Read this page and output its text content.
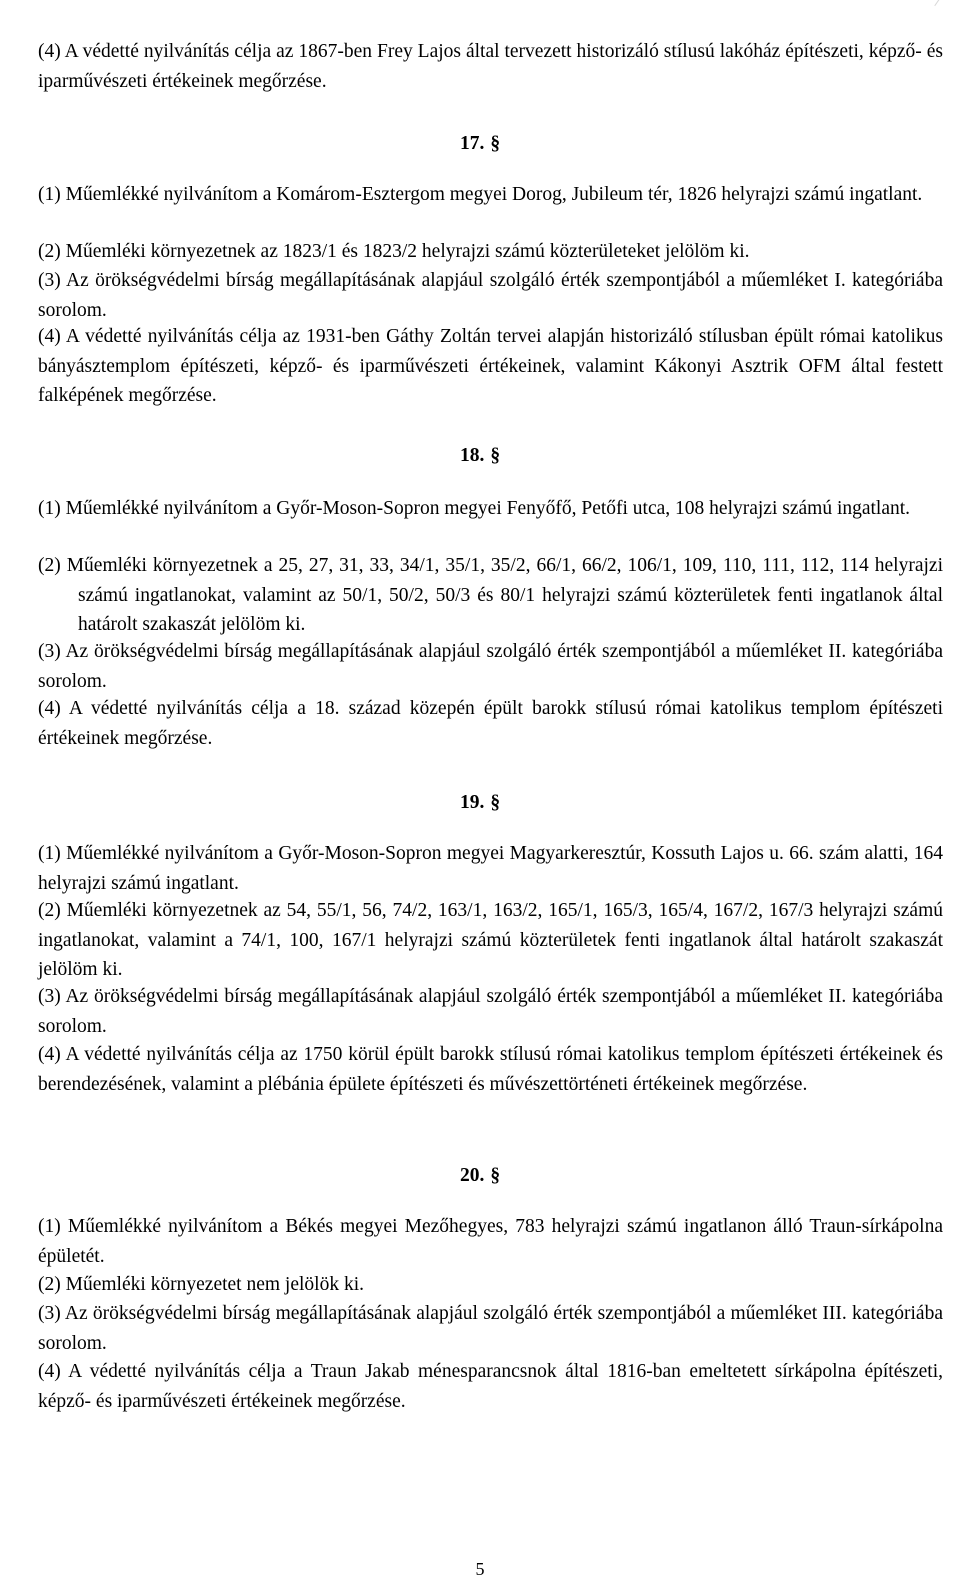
(4) A védetté nyilvánítás célja az 1867-ben Frey Lajos által tervezett historizáló stílusú lakóház építészeti, képző- és iparművészeti értékeinek megőrzése.

17. §

(1) Műemlékké nyilvánítom a Komárom-Esztergom megyei Dorog, Jubileum tér, 1826 helyrajzi számú ingatlant.

(2) Műemléki környezetnek az 1823/1 és 1823/2 helyrajzi számú közterületeket jelölöm ki.

(3) Az örökségvédelmi bírság megállapításának alapjául szolgáló érték szempontjából a műemléket I. kategóriába sorolom.

(4) A védetté nyilvánítás célja az 1931-ben Gáthy Zoltán tervei alapján historizáló stílusban épült római katolikus bányásztemplom építészeti, képző- és iparművészeti értékeinek, valamint Kákonyi Asztrik OFM által festett falképének megőrzése.

18. §

(1) Műemlékké nyilvánítom a Győr-Moson-Sopron megyei Fenyőfő, Petőfi utca, 108 helyrajzi számú ingatlant.

(2) Műemléki környezetnek a 25, 27, 31, 33, 34/1, 35/1, 35/2, 66/1, 66/2, 106/1, 109, 110, 111, 112, 114 helyrajzi számú ingatlanokat, valamint az 50/1, 50/2, 50/3 és 80/1 helyrajzi számú közterületek fenti ingatlanok által határolt szakaszát jelölöm ki.

(3) Az örökségvédelmi bírság megállapításának alapjául szolgáló érték szempontjából a műemléket II. kategóriába sorolom.

(4) A védetté nyilvánítás célja a 18. század közepén épült barokk stílusú római katolikus templom építészeti értékeinek megőrzése.

19. §

(1) Műemlékké nyilvánítom a Győr-Moson-Sopron megyei Magyarkeresztúr, Kossuth Lajos u. 66. szám alatti, 164 helyrajzi számú ingatlant.

(2) Műemléki környezetnek az 54, 55/1, 56, 74/2, 163/1, 163/2, 165/1, 165/3, 165/4, 167/2, 167/3 helyrajzi számú ingatlanokat, valamint a 74/1, 100, 167/1 helyrajzi számú közterületek fenti ingatlanok által határolt szakaszát jelölöm ki.

(3) Az örökségvédelmi bírság megállapításának alapjául szolgáló érték szempontjából a műemléket II. kategóriába sorolom.

(4) A védetté nyilvánítás célja az 1750 körül épült barokk stílusú római katolikus templom építészeti értékeinek és berendezésének, valamint a plébánia épülete építészeti és művészettörténeti értékeinek megőrzése.

20. §

(1) Műemlékké nyilvánítom a Békés megyei Mezőhegyes, 783 helyrajzi számú ingatlanon álló Traun-sírkápolna épületét.

(2) Műemléki környezetet nem jelölök ki.

(3) Az örökségvédelmi bírság megállapításának alapjául szolgáló érték szempontjából a műemléket III. kategóriába sorolom.

(4) A védetté nyilvánítás célja a Traun Jakab ménesparancsnok által 1816-ban emeltetett sírkápolna építészeti, képző- és iparművészeti értékeinek megőrzése.

5
